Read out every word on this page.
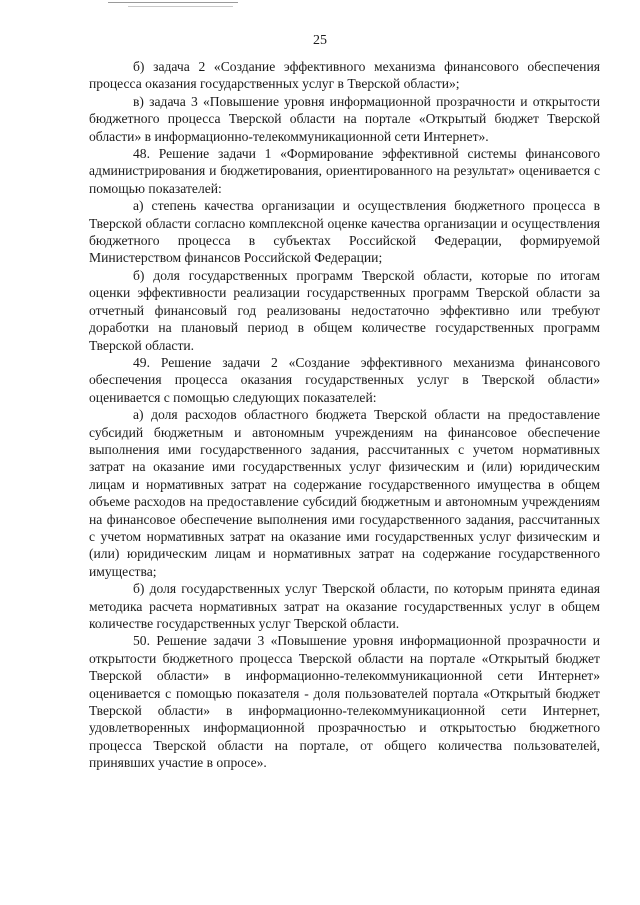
25

б) задача 2 «Создание эффективного механизма финансового обеспечения процесса оказания государственных услуг в Тверской области»;

в) задача 3 «Повышение уровня информационной прозрачности и открытости бюджетного процесса Тверской области на портале «Открытый бюджет Тверской области» в информационно-телекоммуникационной сети Интернет».

48. Решение задачи 1 «Формирование эффективной системы финансового администрирования и бюджетирования, ориентированного на результат» оценивается с помощью показателей:

а) степень качества организации и осуществления бюджетного процесса в Тверской области согласно комплексной оценке качества организации и осуществления бюджетного процесса в субъектах Российской Федерации, формируемой Министерством финансов Российской Федерации;

б) доля государственных программ Тверской области, которые по итогам оценки эффективности реализации государственных программ Тверской области за отчетный финансовый год реализованы недостаточно эффективно или требуют доработки на плановый период в общем количестве государственных программ Тверской области.

49. Решение задачи 2 «Создание эффективного механизма финансового обеспечения процесса оказания государственных услуг в Тверской области» оценивается с помощью следующих показателей:

а) доля расходов областного бюджета Тверской области на предоставление субсидий бюджетным и автономным учреждениям на финансовое обеспечение выполнения ими государственного задания, рассчитанных с учетом нормативных затрат на оказание ими государственных услуг физическим и (или) юридическим лицам и нормативных затрат на содержание государственного имущества в общем объеме расходов на предоставление субсидий бюджетным и автономным учреждениям на финансовое обеспечение выполнения ими государственного задания, рассчитанных с учетом нормативных затрат на оказание ими государственных услуг физическим и (или) юридическим лицам и нормативных затрат на содержание государственного имущества;

б) доля государственных услуг Тверской области, по которым принята единая методика расчета нормативных затрат на оказание государственных услуг в общем количестве государственных услуг Тверской области.

50. Решение задачи 3 «Повышение уровня информационной прозрачности и открытости бюджетного процесса Тверской области на портале «Открытый бюджет Тверской области» в информационно-телекоммуникационной сети Интернет» оценивается с помощью показателя - доля пользователей портала «Открытый бюджет Тверской области» в информационно-телекоммуникационной сети Интернет, удовлетворенных информационной прозрачностью и открытостью бюджетного процесса Тверской области на портале, от общего количества пользователей, принявших участие в опросе».
